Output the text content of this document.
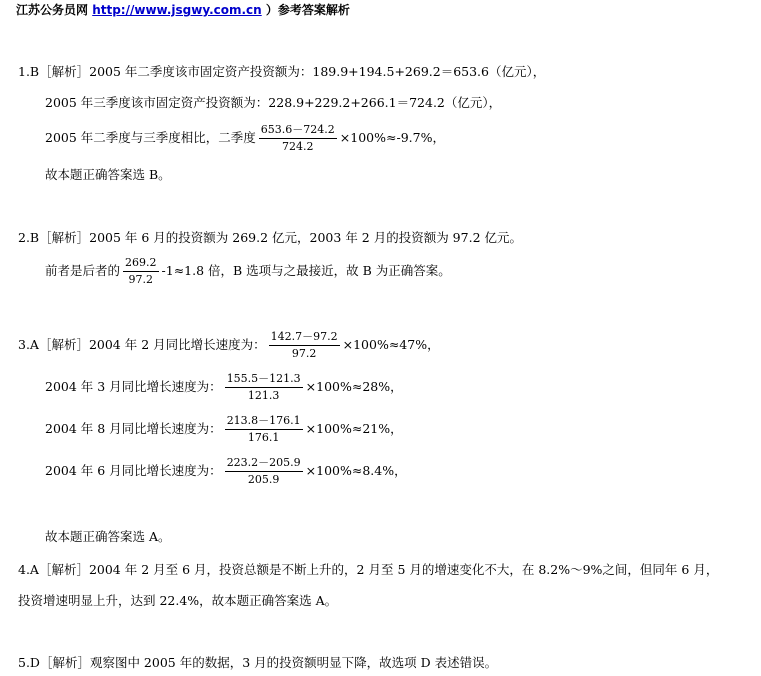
江苏公务员网 http://www.jsgwy.com.cn ）参考答案解析
1.B［解析］2005 年二季度该市固定资产投资额为：189.9+194.5+269.2＝653.6（亿元），
2005 年三季度该市固定资产投资额为：228.9+229.2+266.1＝724.2（亿元），
2005 年二季度与三季度相比，二季度 $\frac{653.6-724.2}{724.2} \times 100\%\approx-9.7\%$，
故本题正确答案选 B。
2.B［解析］2005 年 6 月的投资额为 269.2 亿元，2003 年 2 月的投资额为 97.2 亿元。
前者是后者的 $\frac{269.2}{97.2} -1\approx 1.8$ 倍，B 选项与之最接近，故 B 为正确答案。
3.A［解析］2004 年 2 月同比增长速度为： $\frac{142.7-97.2}{97.2} \times 100\%\approx 47\%$，
2004 年 3 月同比增长速度为： $\frac{155.5-121.3}{121.3} \times 100\%\approx 28\%$，
2004 年 8 月同比增长速度为： $\frac{213.8-176.1}{176.1} \times 100\%\approx 21\%$，
2004 年 6 月同比增长速度为： $\frac{223.2-205.9}{205.9} \times 100\%\approx 8.4\%$，
故本题正确答案选 A。
4.A［解析］2004 年 2 月至 6 月，投资总额是不断上升的，2 月至 5 月的增速变化不大，在 8.2%～9%之间，但同年 6 月，
投资增速明显上升，达到 22.4%，故本题正确答案选 A。
5.D［解析］观察图中 2005 年的数据，3 月的投资额明显下降，故选项 D 表述错误。
